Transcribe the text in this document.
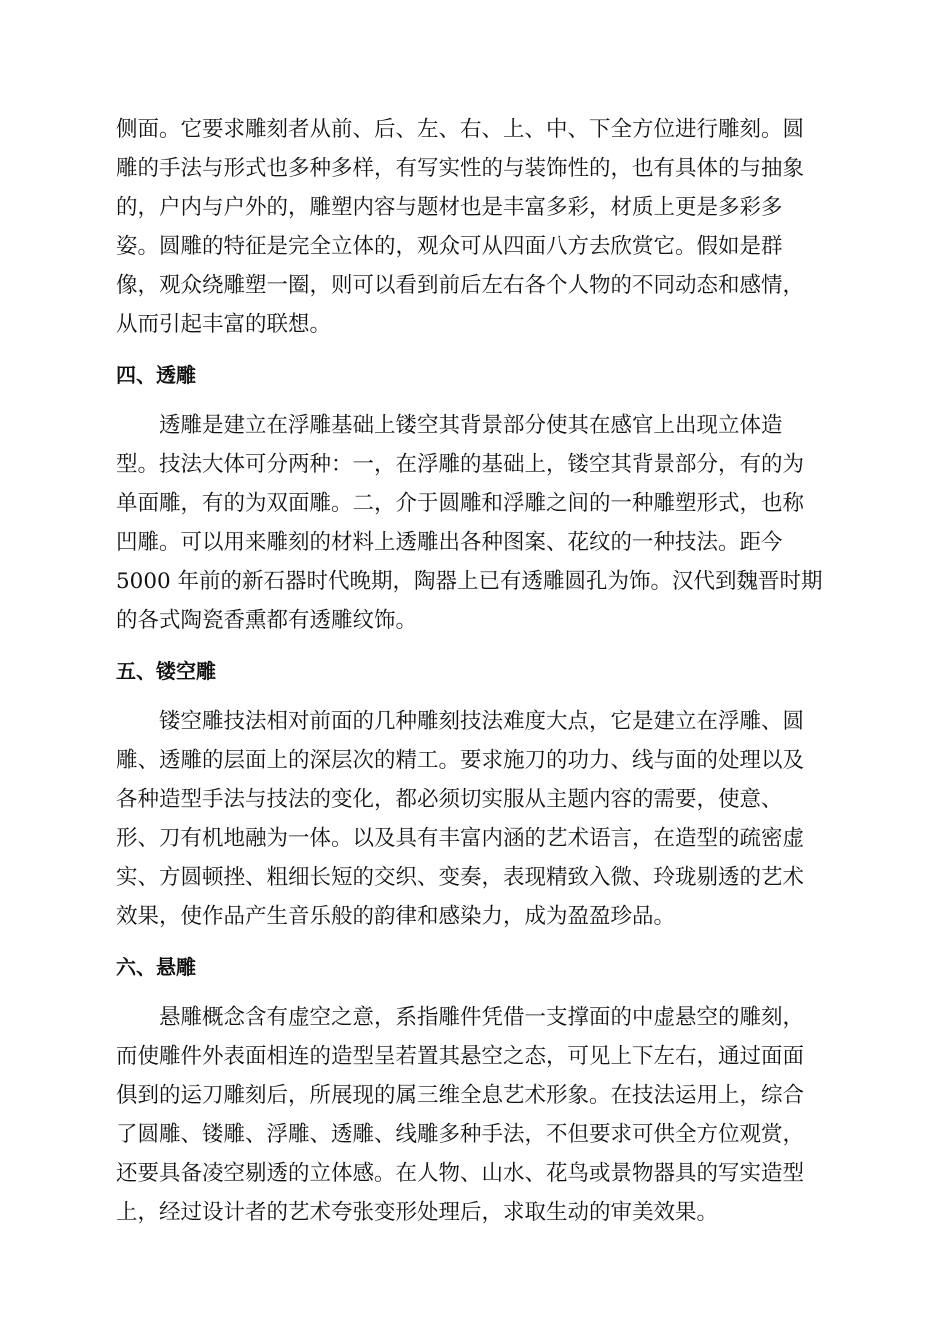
侧面。它要求雕刻者从前、后、左、右、上、中、下全方位进行雕刻。圆
雕的手法与形式也多种多样，有写实性的与装饰性的，也有具体的与抽象
的，户内与户外的，雕塑内容与题材也是丰富多彩，材质上更是多彩多
姿。圆雕的特征是完全立体的，观众可从四面八方去欣赏它。假如是群
像，观众绕雕塑一圈，则可以看到前后左右各个人物的不同动态和感情，
从而引起丰富的联想。
四、透雕
　　透雕是建立在浮雕基础上镂空其背景部分使其在感官上出现立体造
型。技法大体可分两种：一，在浮雕的基础上，镂空其背景部分，有的为
单面雕，有的为双面雕。二，介于圆雕和浮雕之间的一种雕塑形式，也称
凹雕。可以用来雕刻的材料上透雕出各种图案、花纹的一种技法。距今
5000 年前的新石器时代晚期，陶器上已有透雕圆孔为饰。汉代到魏晋时期
的各式陶瓷香熏都有透雕纹饰。
五、镂空雕
　　镂空雕技法相对前面的几种雕刻技法难度大点，它是建立在浮雕、圆
雕、透雕的层面上的深层次的精工。要求施刀的功力、线与面的处理以及
各种造型手法与技法的变化，都必须切实服从主题内容的需要，使意、
形、刀有机地融为一体。以及具有丰富内涵的艺术语言，在造型的疏密虚
实、方圆顿挫、粗细长短的交织、变奏，表现精致入微、玲珑剔透的艺术
效果，使作品产生音乐般的韵律和感染力，成为盈盈珍品。
六、悬雕
　　悬雕概念含有虚空之意，系指雕件凭借一支撑面的中虚悬空的雕刻，
而使雕件外表面相连的造型呈若置其悬空之态，可见上下左右，通过面面
俱到的运刀雕刻后，所展现的属三维全息艺术形象。在技法运用上，综合
了圆雕、镂雕、浮雕、透雕、线雕多种手法，不但要求可供全方位观赏，
还要具备凌空剔透的立体感。在人物、山水、花鸟或景物器具的写实造型
上，经过设计者的艺术夸张变形处理后，求取生动的审美效果。
